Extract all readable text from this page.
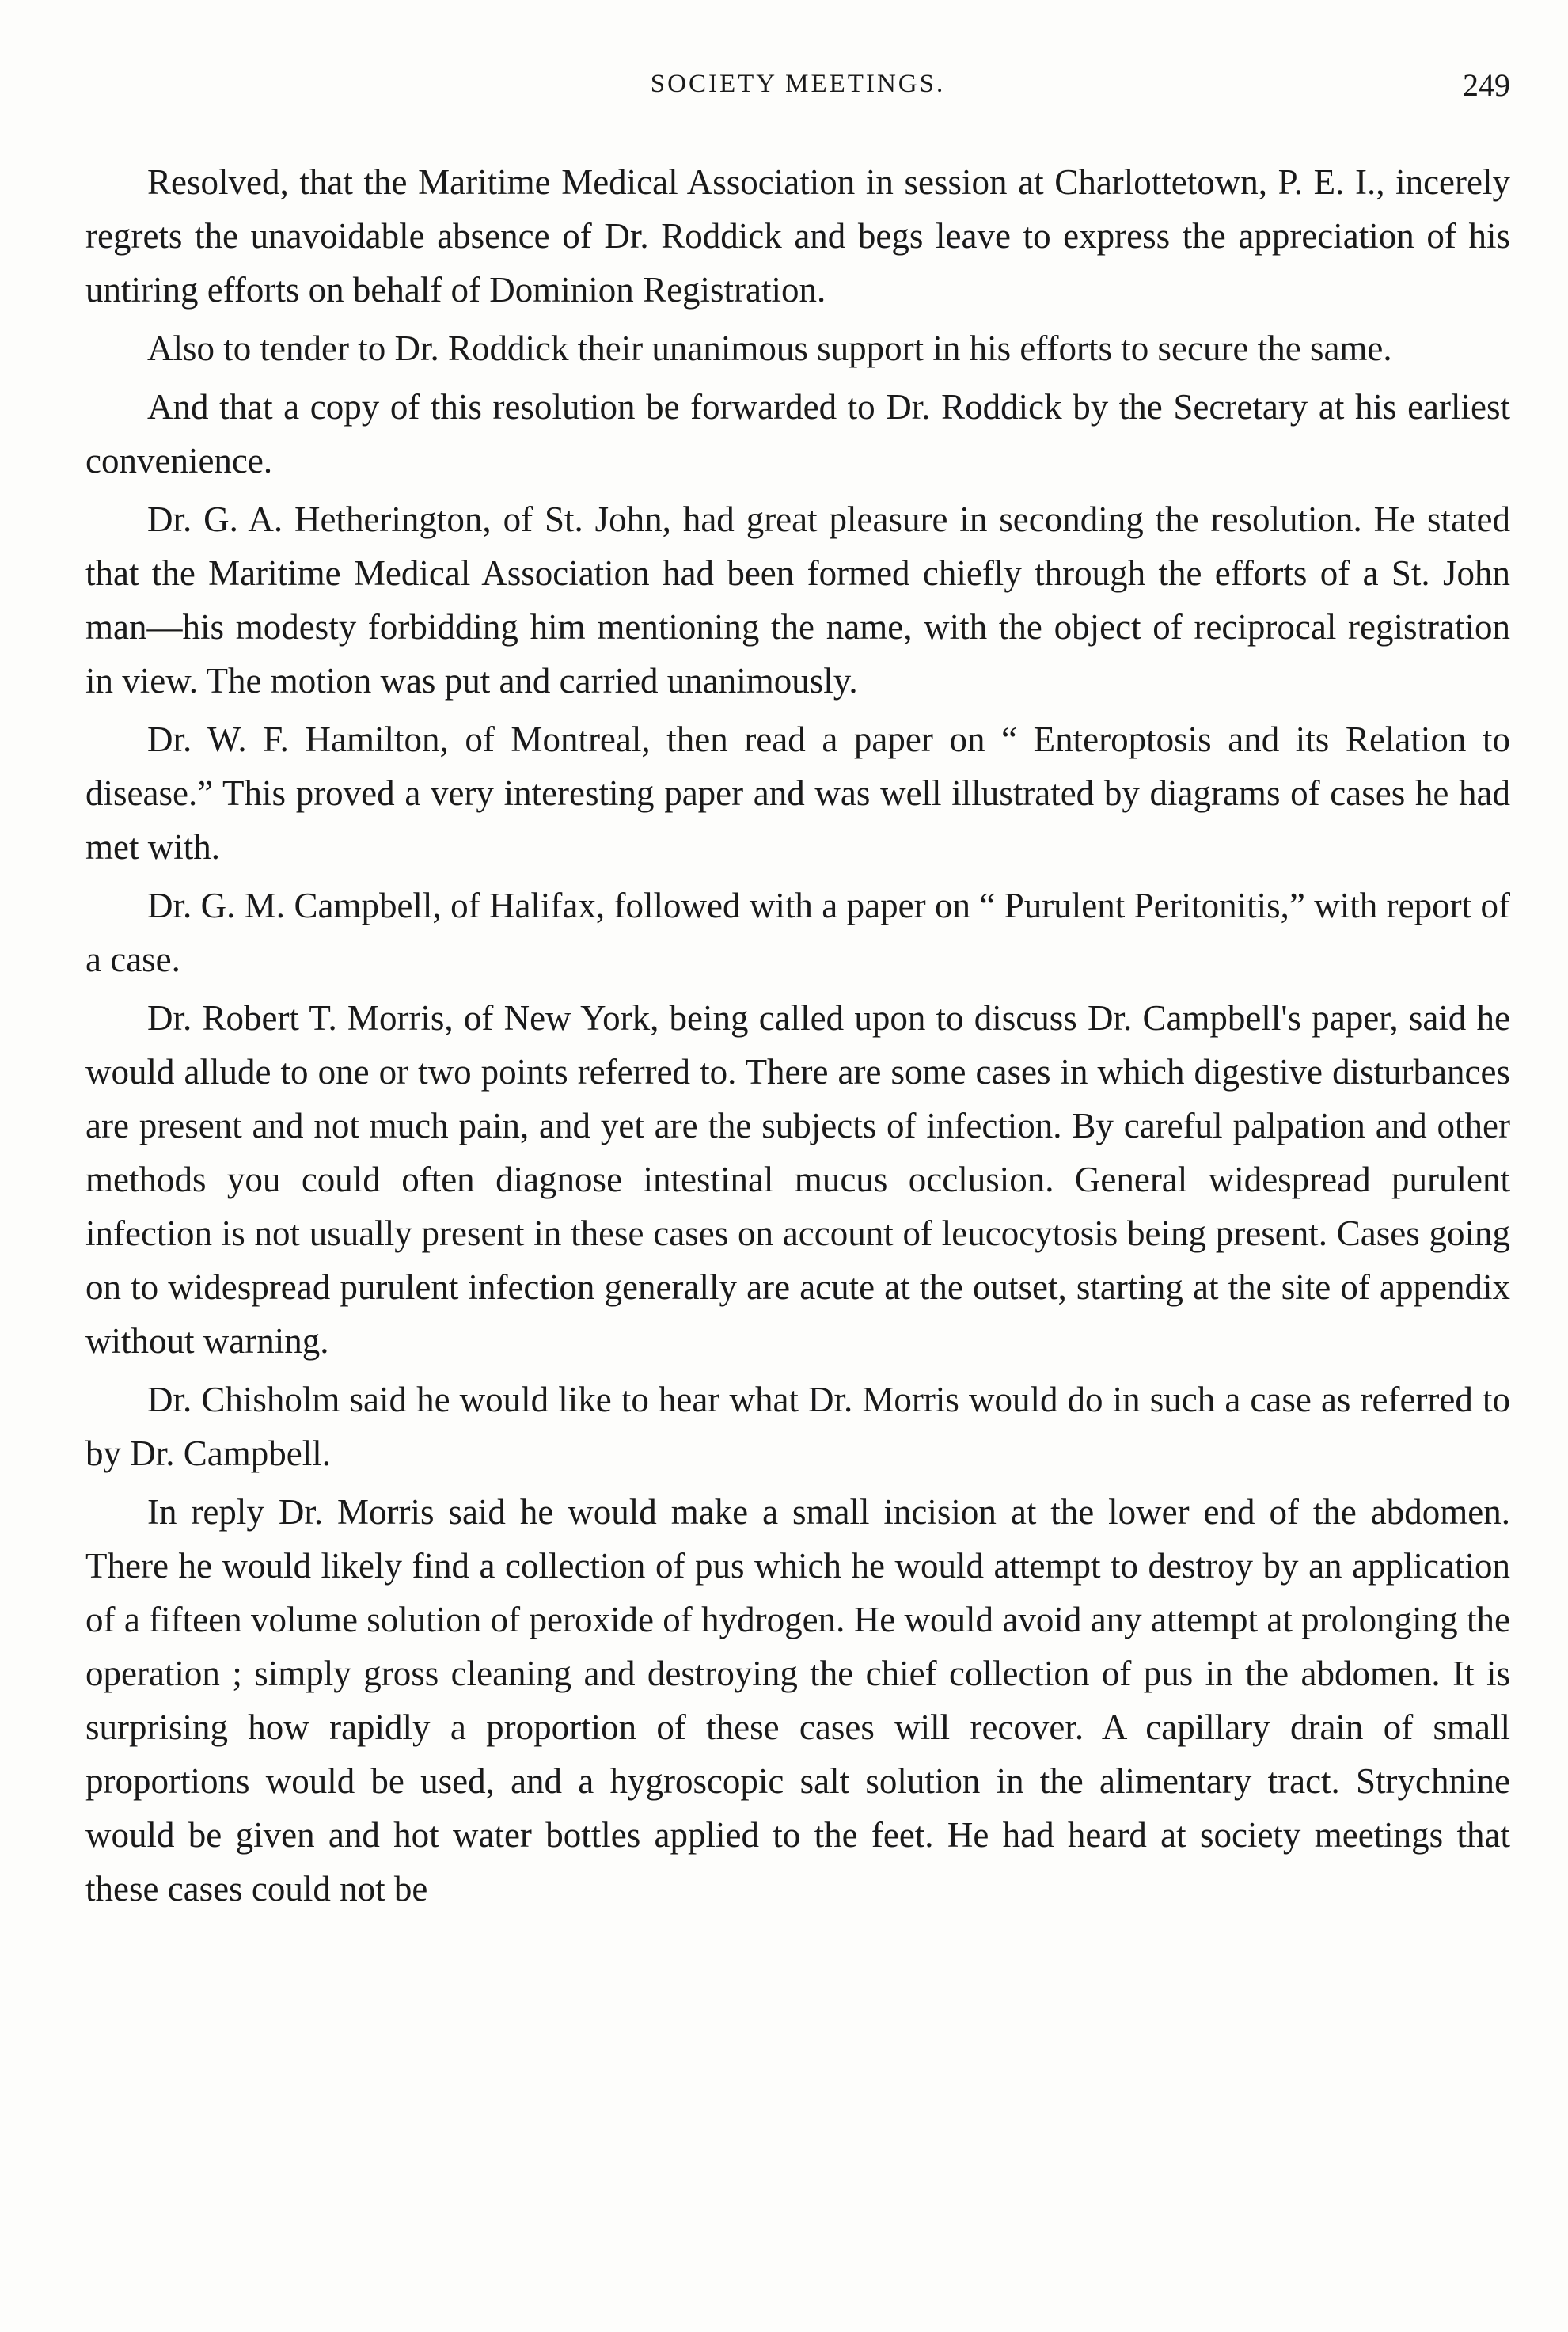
SOCIETY MEETINGS.	249

Resolved, that the Maritime Medical Association in session at Charlottetown, P. E. I., incerely regrets the unavoidable absence of Dr. Roddick and begs leave to express the appreciation of his untiring efforts on behalf of Dominion Registration.

Also to tender to Dr. Roddick their unanimous support in his efforts to secure the same.

And that a copy of this resolution be forwarded to Dr. Roddick by the Secretary at his earliest convenience.

Dr. G. A. Hetherington, of St. John, had great pleasure in seconding the resolution. He stated that the Maritime Medical Association had been formed chiefly through the efforts of a St. John man—his modesty forbidding him mentioning the name, with the object of reciprocal registration in view. The motion was put and carried unanimously.

Dr. W. F. Hamilton, of Montreal, then read a paper on “ Enteroptosis and its Relation to disease.” This proved a very interesting paper and was well illustrated by diagrams of cases he had met with.

Dr. G. M. Campbell, of Halifax, followed with a paper on “ Purulent Peritonitis,” with report of a case.

Dr. Robert T. Morris, of New York, being called upon to discuss Dr. Campbell's paper, said he would allude to one or two points referred to. There are some cases in which digestive disturbances are present and not much pain, and yet are the subjects of infection. By careful palpation and other methods you could often diagnose intestinal mucus occlusion. General widespread purulent infection is not usually present in these cases on account of leucocytosis being present. Cases going on to widespread purulent infection generally are acute at the outset, starting at the site of appendix without warning.

Dr. Chisholm said he would like to hear what Dr. Morris would do in such a case as referred to by Dr. Campbell.

In reply Dr. Morris said he would make a small incision at the lower end of the abdomen. There he would likely find a collection of pus which he would attempt to destroy by an application of a fifteen volume solution of peroxide of hydrogen. He would avoid any attempt at prolonging the operation ; simply gross cleaning and destroying the chief collection of pus in the abdomen. It is surprising how rapidly a proportion of these cases will recover. A capillary drain of small proportions would be used, and a hygroscopic salt solution in the alimentary tract. Strychnine would be given and hot water bottles applied to the feet. He had heard at society meetings that these cases could not be
